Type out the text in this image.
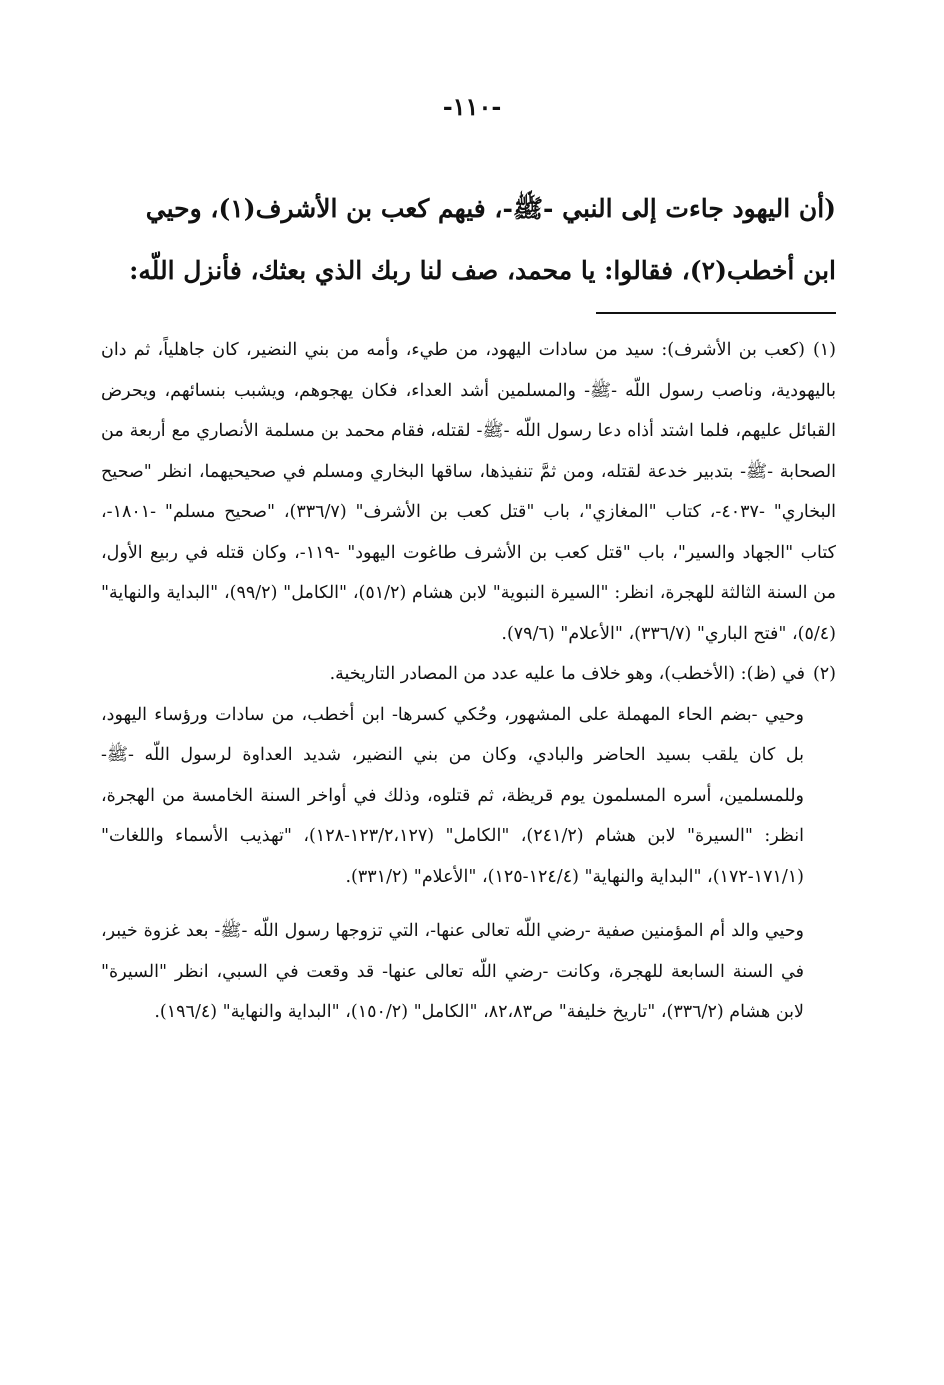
-١١٠-

(أن اليهود جاءت إلى النبي -ﷺ-، فيهم كعب بن الأشرف(١)، وحيي

ابن أخطب(٢)، فقالوا: يا محمد، صف لنا ربك الذي بعثك، فأنزل اللّه:

(١)(كعب بن الأشرف): سيد من سادات اليهود، من طيء، وأمه من بني النضير، كان جاهلياً، ثم دان باليهودية، وناصب رسول اللّه -ﷺ- والمسلمين أشد العداء، فكان يهجوهم، ويشبب بنسائهم، ويحرض القبائل عليهم، فلما اشتد أذاه دعا رسول اللّه -ﷺ- لقتله، فقام محمد بن مسلمة الأنصاري مع أربعة من الصحابة -ﷺ- بتدبير خدعة لقتله، ومن ثمَّ تنفيذها، ساقها البخاري ومسلم في صحيحيهما، انظر "صحيح البخاري" -٤٠٣٧-، كتاب "المغازي"، باب "قتل كعب بن الأشرف" (٣٣٦/٧)، "صحيح مسلم" -١٨٠١-، كتاب "الجهاد والسير"، باب "قتل كعب بن الأشرف طاغوت اليهود" -١١٩-، وكان قتله في ربيع الأول، من السنة الثالثة للهجرة، انظر: "السيرة النبوية" لابن هشام (٥١/٢)، "الكامل" (٩٩/٢)، "البداية والنهاية" (٥/٤)، "فتح الباري" (٣٣٦/٧)، "الأعلام" (٧٩/٦).

(٢)في (ظ): (الأخطب)، وهو خلاف ما عليه عدد من المصادر التاريخية.

وحيي -بضم الحاء المهملة على المشهور، وحُكي كسرها- ابن أخطب، من سادات ورؤساء اليهود، بل كان يلقب بسيد الحاضر والبادي، وكان من بني النضير، شديد العداوة لرسول اللّه -ﷺ- وللمسلمين، أسره المسلمون يوم قريظة، ثم قتلوه، وذلك في أواخر السنة الخامسة من الهجرة، انظر: "السيرة" لابن هشام (٢٤١/٢)، "الكامل" (١٢٣/٢،١٢٧-١٢٨)، "تهذيب الأسماء واللغات" (١٧١/١-١٧٢)، "البداية والنهاية" (١٢٤/٤-١٢٥)، "الأعلام" (٣٣١/٢).

وحيي والد أم المؤمنين صفية -رضي اللّه تعالى عنها-، التي تزوجها رسول اللّه -ﷺ- بعد غزوة خيبر، في السنة السابعة للهجرة، وكانت -رضي اللّه تعالى عنها- قد وقعت في السبي، انظر "السيرة" لابن هشام (٣٣٦/٢)، "تاريخ خليفة" ص٨٢،٨٣، "الكامل" (١٥٠/٢)، "البداية والنهاية" (١٩٦/٤).
